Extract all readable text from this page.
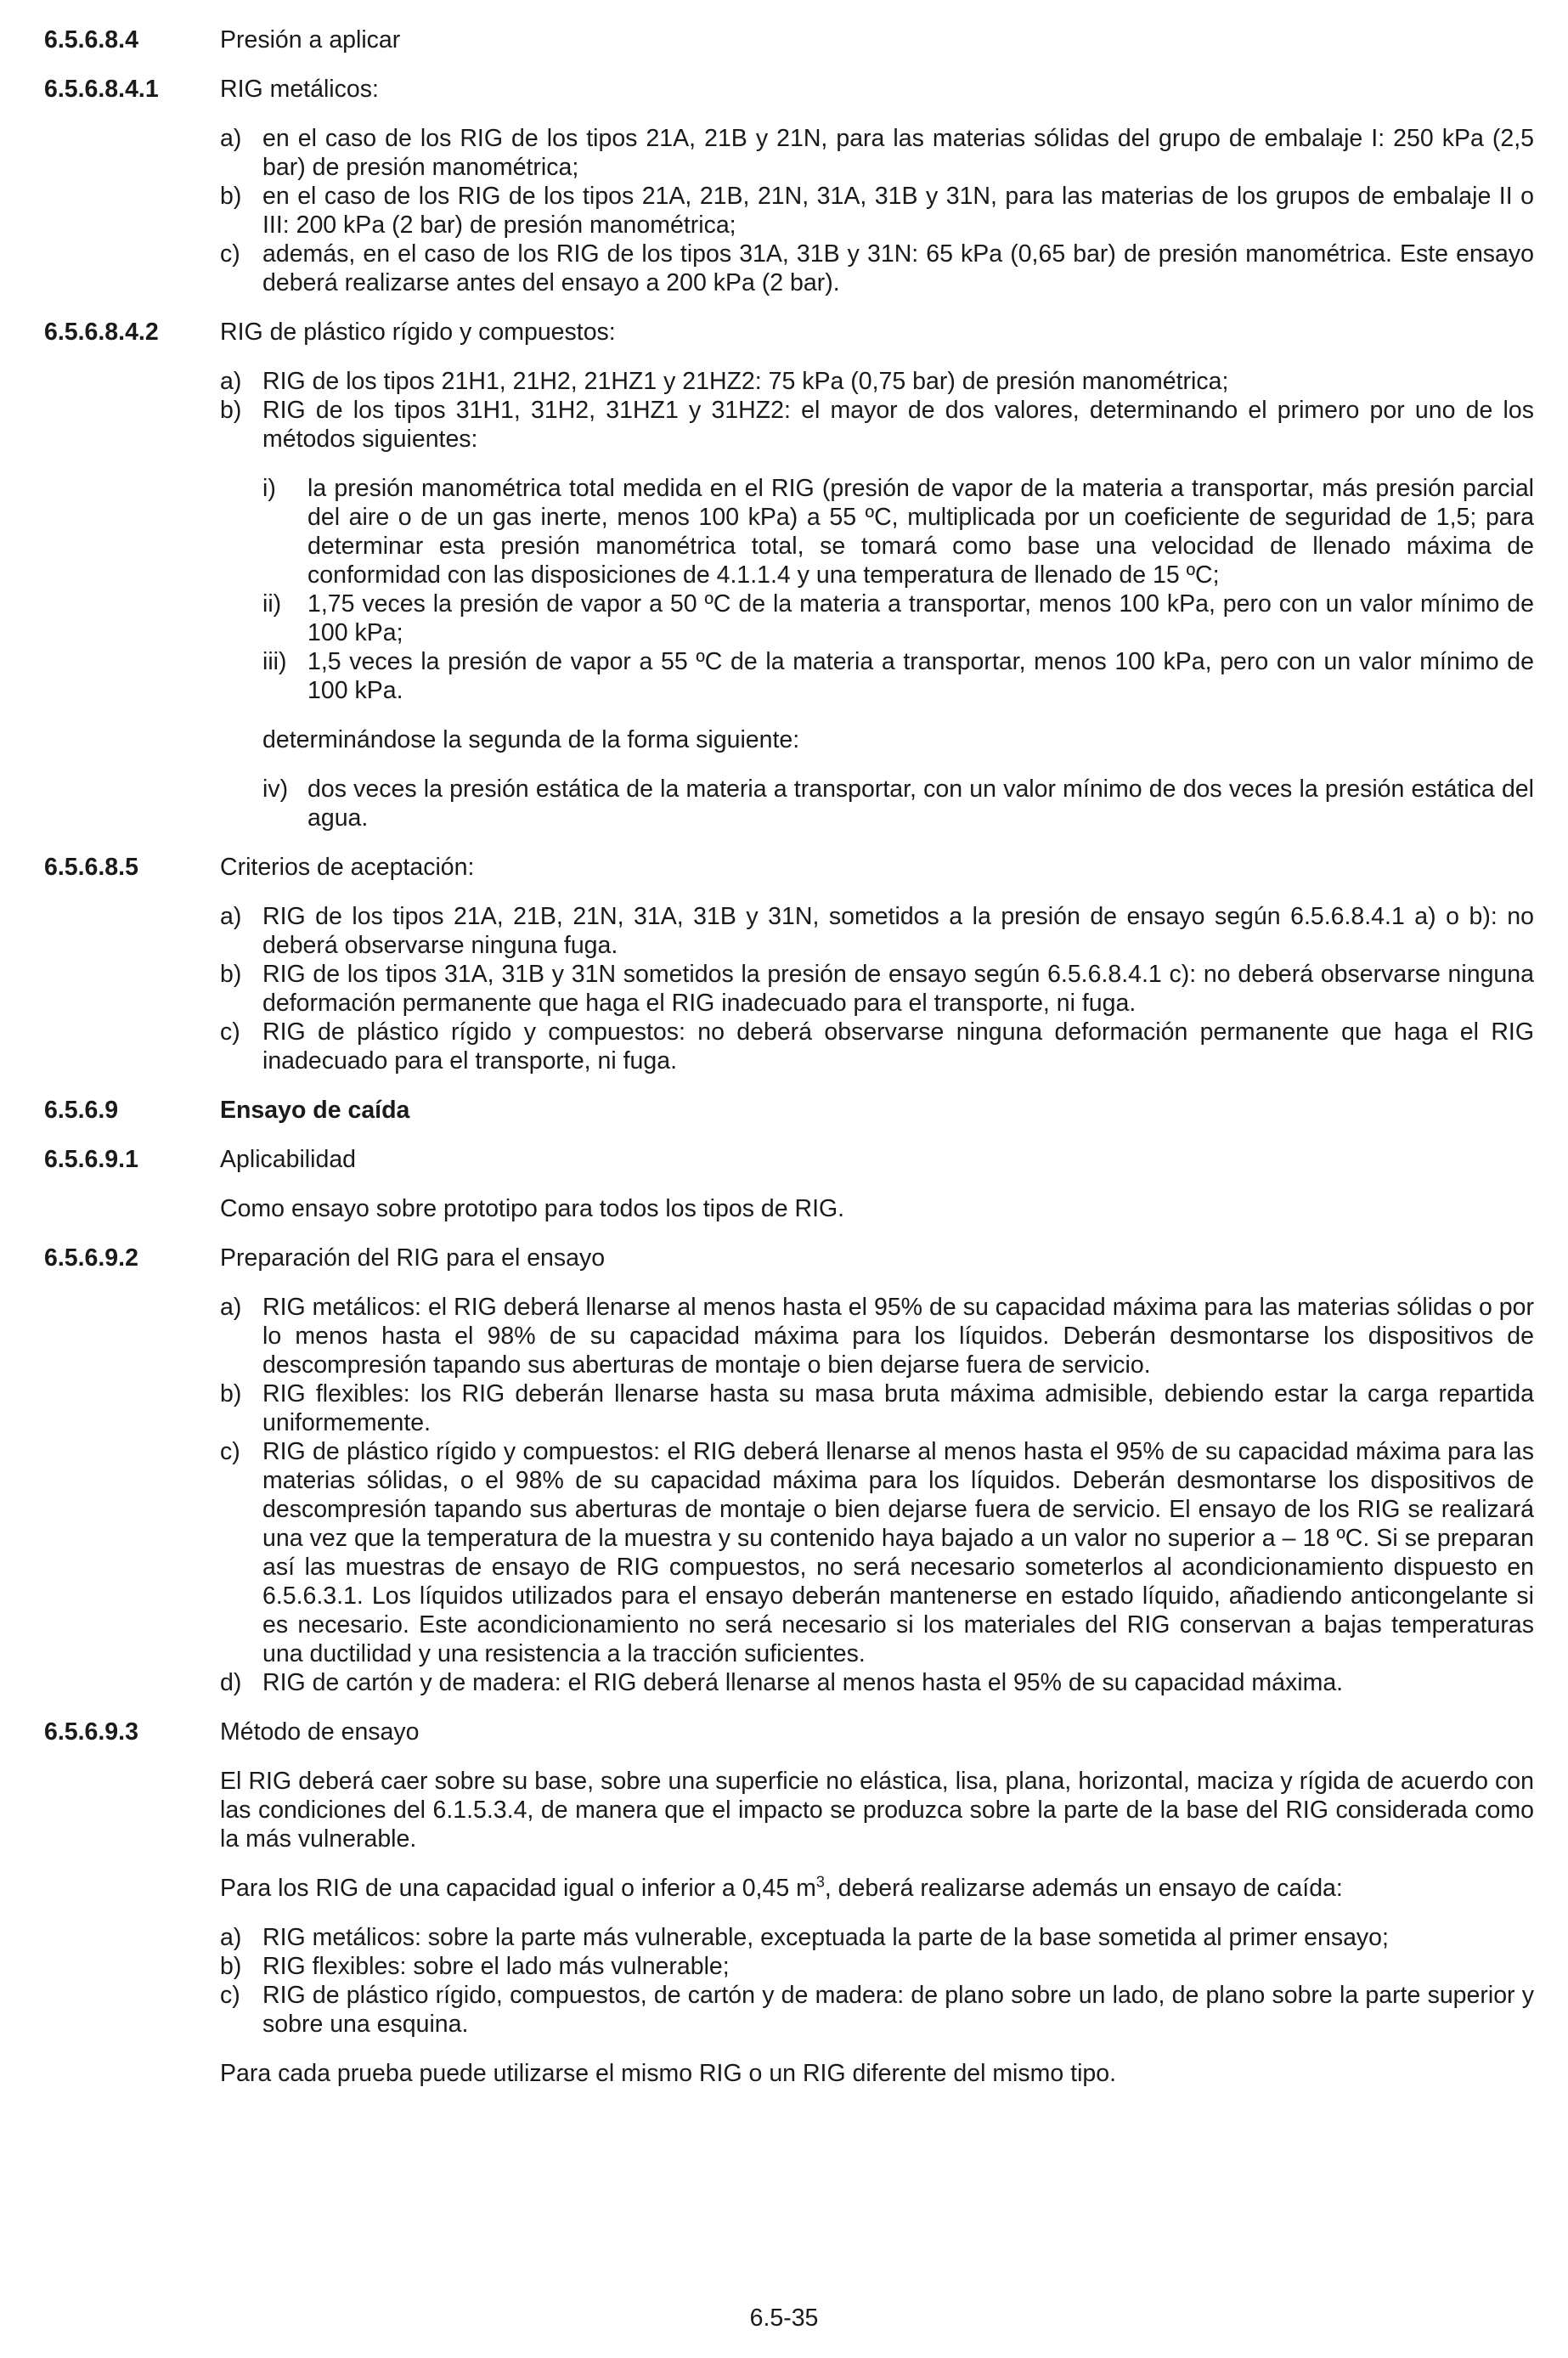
6.5.6.8.4	Presión a aplicar
6.5.6.8.4.1	RIG metálicos:
a) en el caso de los RIG de los tipos 21A, 21B y 21N, para las materias sólidas del grupo de embalaje I: 250 kPa (2,5 bar) de presión manométrica;
b) en el caso de los RIG de los tipos 21A, 21B, 21N, 31A, 31B y 31N, para las materias de los grupos de embalaje II o III: 200 kPa (2 bar) de presión manométrica;
c) además, en el caso de los RIG de los tipos 31A, 31B y 31N: 65 kPa (0,65 bar) de presión manométrica. Este ensayo deberá realizarse antes del ensayo a 200 kPa (2 bar).
6.5.6.8.4.2	RIG de plástico rígido y compuestos:
a) RIG de los tipos 21H1, 21H2, 21HZ1 y 21HZ2: 75 kPa (0,75 bar) de presión manométrica;
b) RIG de los tipos 31H1, 31H2, 31HZ1 y 31HZ2: el mayor de dos valores, determinando el primero por uno de los métodos siguientes:
i)	la presión manométrica total medida en el RIG (presión de vapor de la materia a transportar, más presión parcial del aire o de un gas inerte, menos 100 kPa) a 55 ºC, multiplicada por un coeficiente de seguridad de 1,5; para determinar esta presión manométrica total, se tomará como base una velocidad de llenado máxima de conformidad con las disposiciones de 4.1.1.4 y una temperatura de llenado de 15 ºC;
ii)	1,75 veces la presión de vapor a 50 ºC de la materia a transportar, menos 100 kPa, pero con un valor mínimo de 100 kPa;
iii) 1,5 veces la presión de vapor a 55 ºC de la materia a transportar, menos 100 kPa, pero con un valor mínimo de 100 kPa.
determinándose la segunda de la forma siguiente:
iv) dos veces la presión estática de la materia a transportar, con un valor mínimo de dos veces la presión estática del agua.
6.5.6.8.5	Criterios de aceptación:
a) RIG de los tipos 21A, 21B, 21N, 31A, 31B y 31N, sometidos a la presión de ensayo según 6.5.6.8.4.1 a) o b): no deberá observarse ninguna fuga.
b) RIG de los tipos 31A, 31B y 31N sometidos la presión de ensayo según 6.5.6.8.4.1 c): no deberá observarse ninguna deformación permanente que haga el RIG inadecuado para el transporte, ni fuga.
c) RIG de plástico rígido y compuestos: no deberá observarse ninguna deformación permanente que haga el RIG inadecuado para el transporte, ni fuga.
6.5.6.9	Ensayo de caída
6.5.6.9.1	Aplicabilidad
Como ensayo sobre prototipo para todos los tipos de RIG.
6.5.6.9.2	Preparación del RIG para el ensayo
a) RIG metálicos: el RIG deberá llenarse al menos hasta el 95% de su capacidad máxima para las materias sólidas o por lo menos hasta el 98% de su capacidad máxima para los líquidos. Deberán desmontarse los dispositivos de descompresión tapando sus aberturas de montaje o bien dejarse fuera de servicio.
b) RIG flexibles: los RIG deberán llenarse hasta su masa bruta máxima admisible, debiendo estar la carga repartida uniformemente.
c) RIG de plástico rígido y compuestos: el RIG deberá llenarse al menos hasta el 95% de su capacidad máxima para las materias sólidas, o el 98% de su capacidad máxima para los líquidos. Deberán desmontarse los dispositivos de descompresión tapando sus aberturas de montaje o bien dejarse fuera de servicio. El ensayo de los RIG se realizará una vez que la temperatura de la muestra y su contenido haya bajado a un valor no superior a – 18 ºC. Si se preparan así las muestras de ensayo de RIG compuestos, no será necesario someterlos al acondicionamiento dispuesto en 6.5.6.3.1. Los líquidos utilizados para el ensayo deberán mantenerse en estado líquido, añadiendo anticongelante si es necesario. Este acondicionamiento no será necesario si los materiales del RIG conservan a bajas temperaturas una ductilidad y una resistencia a la tracción suficientes.
d) RIG de cartón y de madera: el RIG deberá llenarse al menos hasta el 95% de su capacidad máxima.
6.5.6.9.3	Método de ensayo
El RIG deberá caer sobre su base, sobre una superficie no elástica, lisa, plana, horizontal, maciza y rígida de acuerdo con las condiciones del 6.1.5.3.4, de manera que el impacto se produzca sobre la parte de la base del RIG considerada como la más vulnerable.
Para los RIG de una capacidad igual o inferior a 0,45 $m^3$, deberá realizarse además un ensayo de caída:
a) RIG metálicos: sobre la parte más vulnerable, exceptuada la parte de la base sometida al primer ensayo;
b) RIG flexibles: sobre el lado más vulnerable;
c) RIG de plástico rígido, compuestos, de cartón y de madera: de plano sobre un lado, de plano sobre la parte superior y sobre una esquina.
Para cada prueba puede utilizarse el mismo RIG o un RIG diferente del mismo tipo.
6.5-35
